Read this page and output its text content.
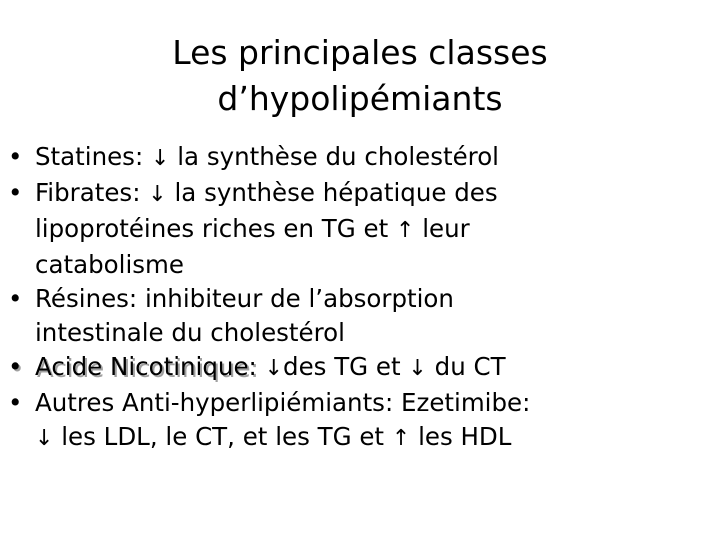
Les principales classes
d’hypolipémiants
• Statines: ↓ la synthèse du cholestérol
• Fibrates: ↓ la synthèse hépatique des
lipoprotéines riches en TG et ↑ leur
catabolisme
• Résines: inhibiteur de l’absorption
intestinale du cholestérol
• Acide Nicotinique: ↓des TG et ↓ du CT
• Autres Anti-hyperlipiémiants: Ezetimibe:
↓ les LDL, le CT, et les TG et ↑ les HDL
